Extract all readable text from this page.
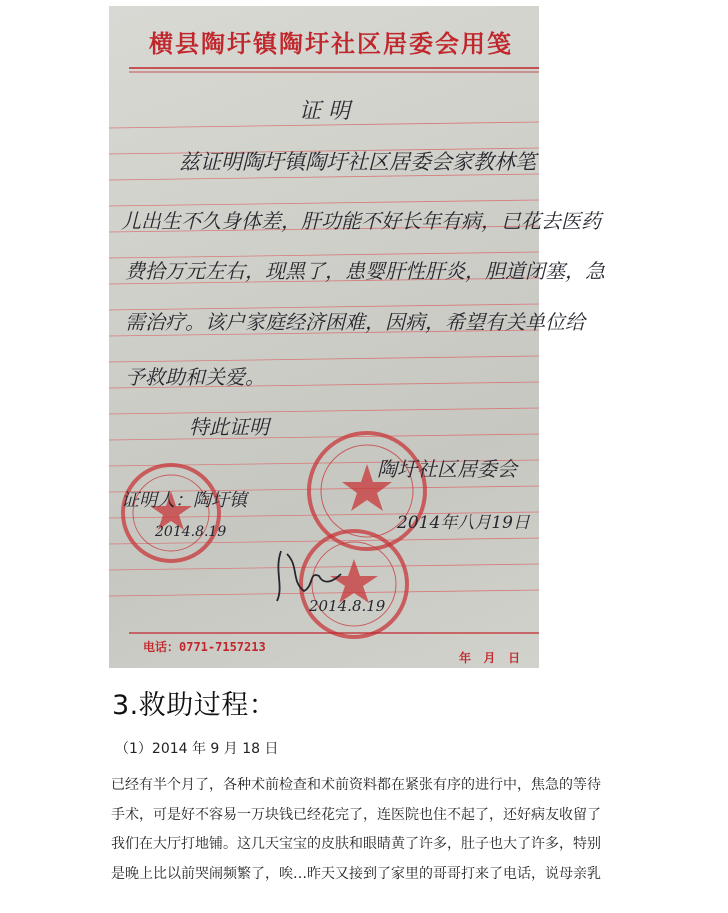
横县陶圩镇陶圩社区居委会用笺
证 明
兹证明陶圩镇陶圩社区居委会家教林笔
儿出生不久身体差，肝功能不好长年有病，已花去医药
费拾万元左右，现黑了，患婴肝性肝炎，胆道闭塞，急
需治疗。该户家庭经济困难，因病，希望有关单位给
予救助和关爱。
特此证明
陶圩社区居委会
2014年八月19日
证明人：陶圩镇
2014.8.19
2014.8.19
电话：0771-7157213
年   月   日
3.救助过程：
（1）2014 年 9 月 18 日

已经有半个月了，各种术前检查和术前资料都在紧张有序的进行中，焦急的等待
手术，可是好不容易一万块钱已经花完了，连医院也住不起了，还好病友收留了
我们在大厅打地铺。这几天宝宝的皮肤和眼睛黄了许多，肚子也大了许多，特别
是晚上比以前哭闹频繁了，唉…昨天又接到了家里的哥哥打来了电话，说母亲乳
